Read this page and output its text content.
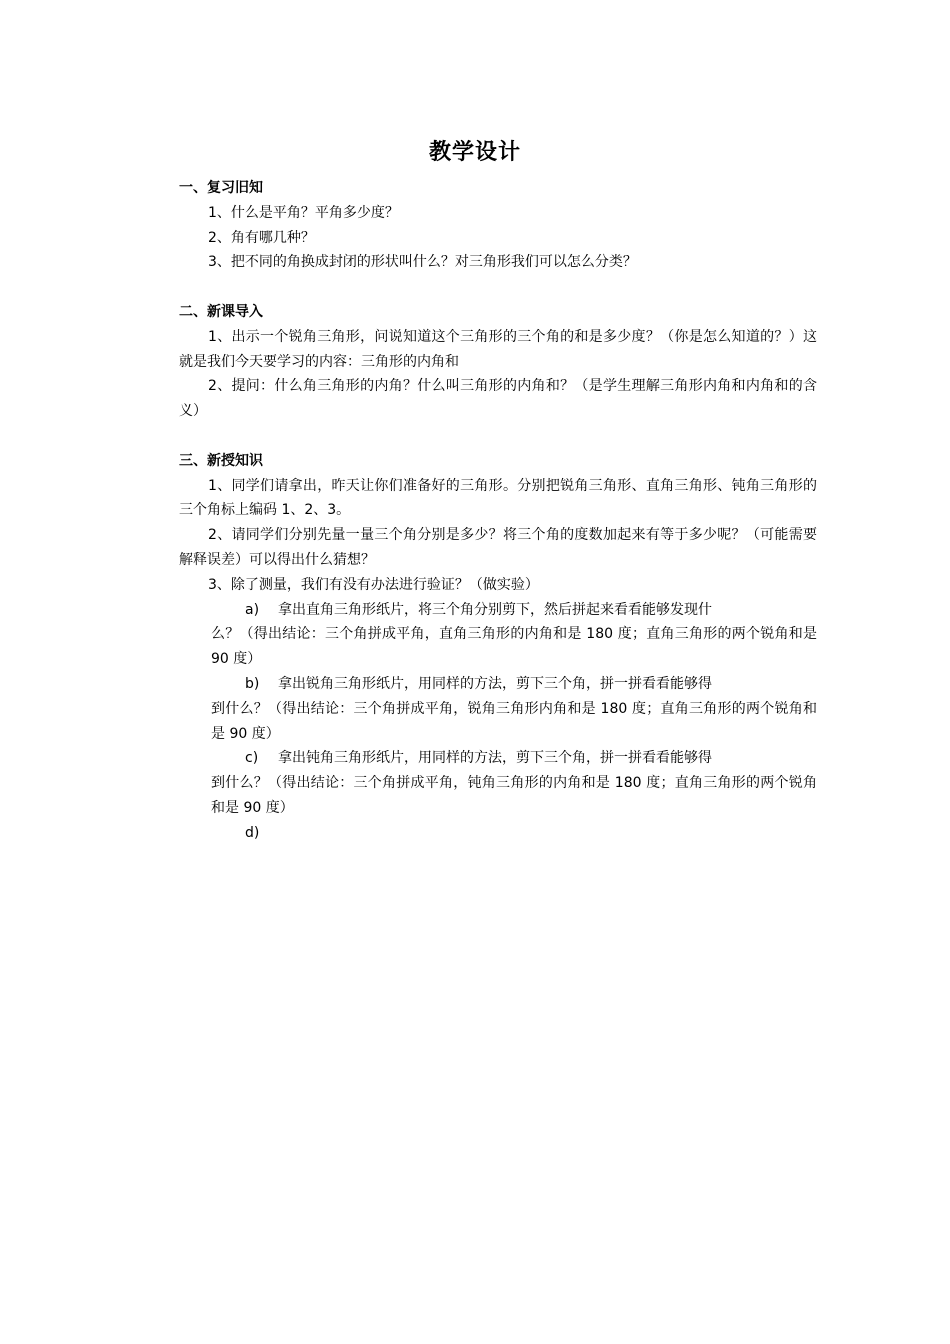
教学设计
一、复习旧知
1、什么是平角？平角多少度？
2、角有哪几种？
3、把不同的角换成封闭的形状叫什么？对三角形我们可以怎么分类？
二、新课导入
1、出示一个锐角三角形，问说知道这个三角形的三个角的和是多少度？（你是怎么知道的？）这就是我们今天要学习的内容：三角形的内角和
2、提问：什么角三角形的内角？什么叫三角形的内角和？（是学生理解三角形内角和内角和的含义）
三、新授知识
1、同学们请拿出，昨天让你们准备好的三角形。分别把锐角三角形、直角三角形、钝角三角形的三个角标上编码 1、2、3。
2、请同学们分别先量一量三个角分别是多少？将三个角的度数加起来有等于多少呢？（可能需要解释误差）可以得出什么猜想？
3、除了测量，我们有没有办法进行验证？（做实验）
a) 拿出直角三角形纸片，将三个角分别剪下，然后拼起来看看能够发现什
么？（得出结论：三个角拼成平角，直角三角形的内角和是 180 度；直角三角形的两个锐角和是 90 度）
b) 拿出锐角三角形纸片，用同样的方法，剪下三个角，拼一拼看看能够得
到什么？（得出结论：三个角拼成平角，锐角三角形内角和是 180 度；直角三角形的两个锐角和是 90 度）
c) 拿出钝角三角形纸片，用同样的方法，剪下三个角，拼一拼看看能够得
到什么？（得出结论：三个角拼成平角，钝角三角形的内角和是 180 度；直角三角形的两个锐角和是 90 度）
d)
